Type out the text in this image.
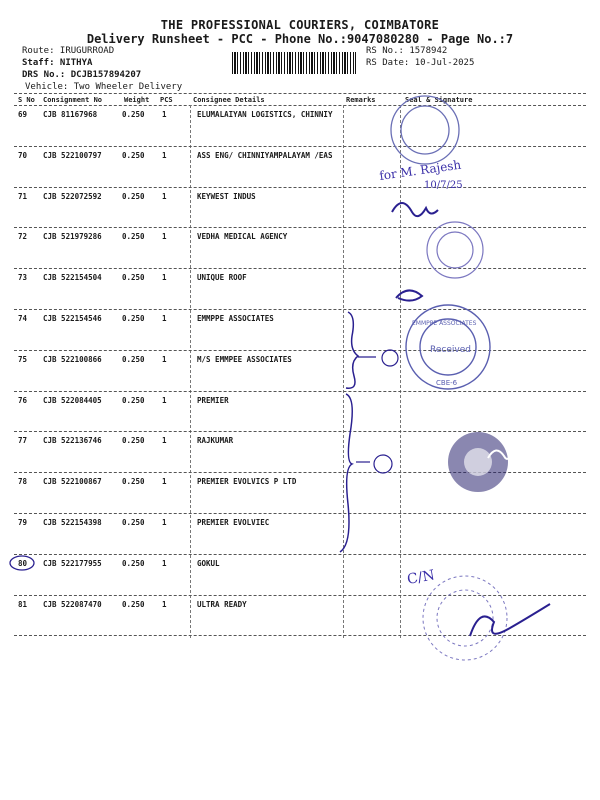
THE PROFESSIONAL COURIERS, COIMBATORE
Delivery Runsheet - PCC - Phone No.:9047080280 - Page No.:7
Route: IRUGURROAD
Staff: NITHYA
DRS No.: DCJB157894207
RS No.: 1578942
RS Date: 10-Jul-2025
Vehicle: Two Wheeler Delivery
S No Consignment No	Weight PCS	Consignee Details	Remarks	Seal & Signature
69 CJB 81167968	0.250 1	ELUMALAIYAN LOGISTICS, CHINNIY
70 CJB 522100797	0.250 1	ASS ENG/ CHINNIYAMPALAYAM /EAS
71 CJB 522072592	0.250 1	KEYWEST INDUS
72 CJB 521979286	0.250 1	VEDHA MEDICAL AGENCY
73 CJB 522154504	0.250 1	UNIQUE ROOF
74 CJB 522154546	0.250 1	EMMPPE ASSOCIATES
75 CJB 522100866	0.250 1	M/S EMMPEE ASSOCIATES
76 CJB 522084405	0.250 1	PREMIER
77 CJB 522136746	0.250 1	RAJKUMAR
78 CJB 522100867	0.250 1	PREMIER EVOLVICS P LTD
79 CJB 522154398	0.250 1	PREMIER EVOLVIEC
80 CJB 522177955	0.250 1	GOKUL
81 CJB 522087470	0.250 1	ULTRA READY
Received
EMMPPE ASSOCIATES
CBE-6
for M. Rajesh
10/7/25
C/N
